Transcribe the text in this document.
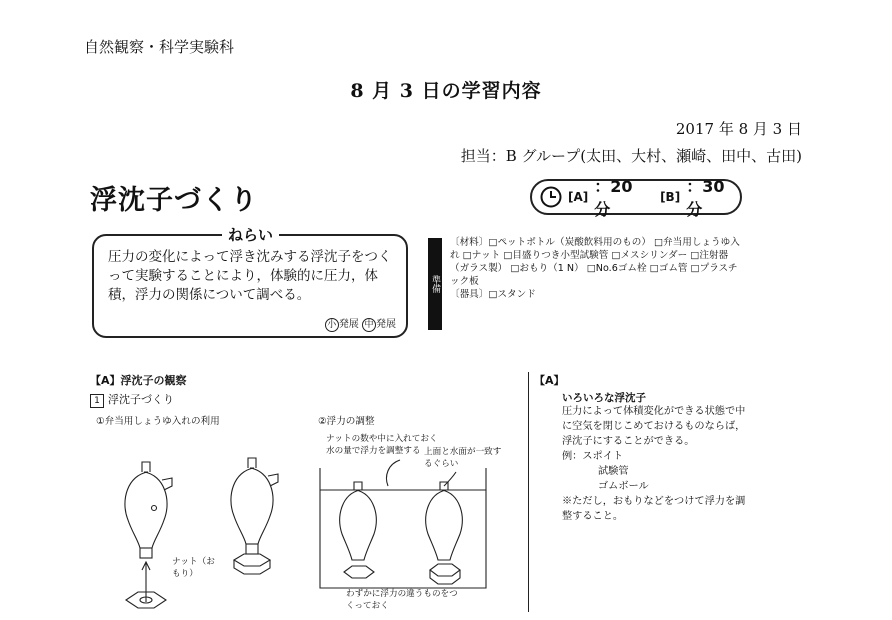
自然観察・科学実験科
8 月 3 日の学習内容
2017 年 8 月 3 日
担当：B グループ(太田、大村、瀬崎、田中、古田)
浮沈子づくり	[A]
：20分
[B]
：30分
圧力の変化によって浮き沈みする浮沈子をつくって実験することにより，体験的に圧力，体積，浮力の関係について調べる。
小 発展 中 発展
ねらい
準備
〔材料〕□ペットボトル（炭酸飲料用のもの） □弁当用しょうゆ入れ □ナット □目盛りつき小型試験管 □メスシリンダー □注射器（ガラス製） □おもり（1 N） □No.6ゴム栓 □ゴム管 □プラスチック板
〔器具〕□スタンド
【A】浮沈子の観察
1 浮沈子づくり
①弁当用しょうゆ入れの利用	②浮力の調整
ナットの数や中に入れておく水の量で浮力を調整する 上面と水面が一致するぐらい
ナット（おもり）
わずかに浮力の違うものをつくっておく
【A】
いろいろな浮沈子
圧力によって体積変化ができる状態で中に空気を閉じこめておけるものならば，浮沈子にすることができる。
例：スポイト
試験管
ゴムボール
※ただし，おもりなどをつけて浮力を調整すること。
